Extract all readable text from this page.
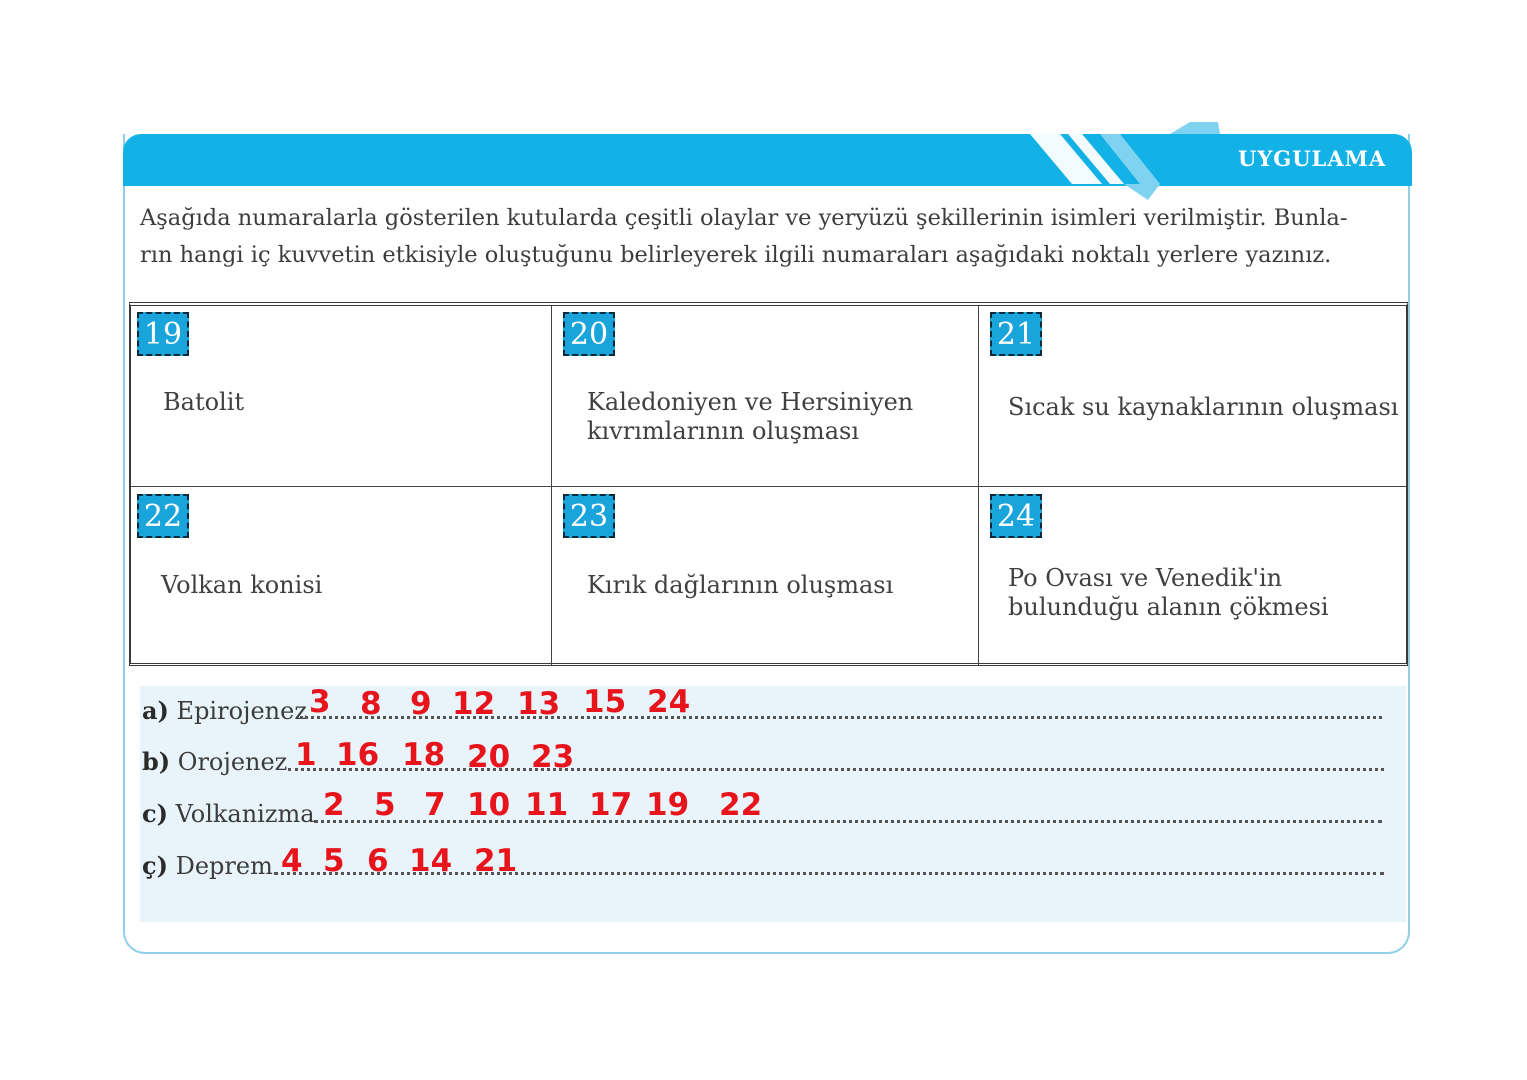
UYGULAMA

Aşağıda numaralarla gösterilen kutularda çeşitli olaylar ve yeryüzü şekillerinin isimleri verilmiştir. Bunla-

rın hangi iç kuvvetin etkisiyle oluştuğunu belirleyerek ilgili numaraları aşağıdaki noktalı yerlere yazınız.

19
Batolit
20
Kaledoniyen ve Hersiniyen
kıvrımlarının oluşması
21
Sıcak su kaynaklarının oluşması
22
Volkan konisi
23
Kırık dağlarının oluşması
24
Po Ovası ve Venedik'in
bulunduğu alanın çökmesi
a) Epirojenez 3 8 9 12 13 15 24
b) Orojenez 1 16 18 20 23
c) Volkanizma 2 5 7 10 11 17 19 22
ç) Deprem 4 5 6 14 21
